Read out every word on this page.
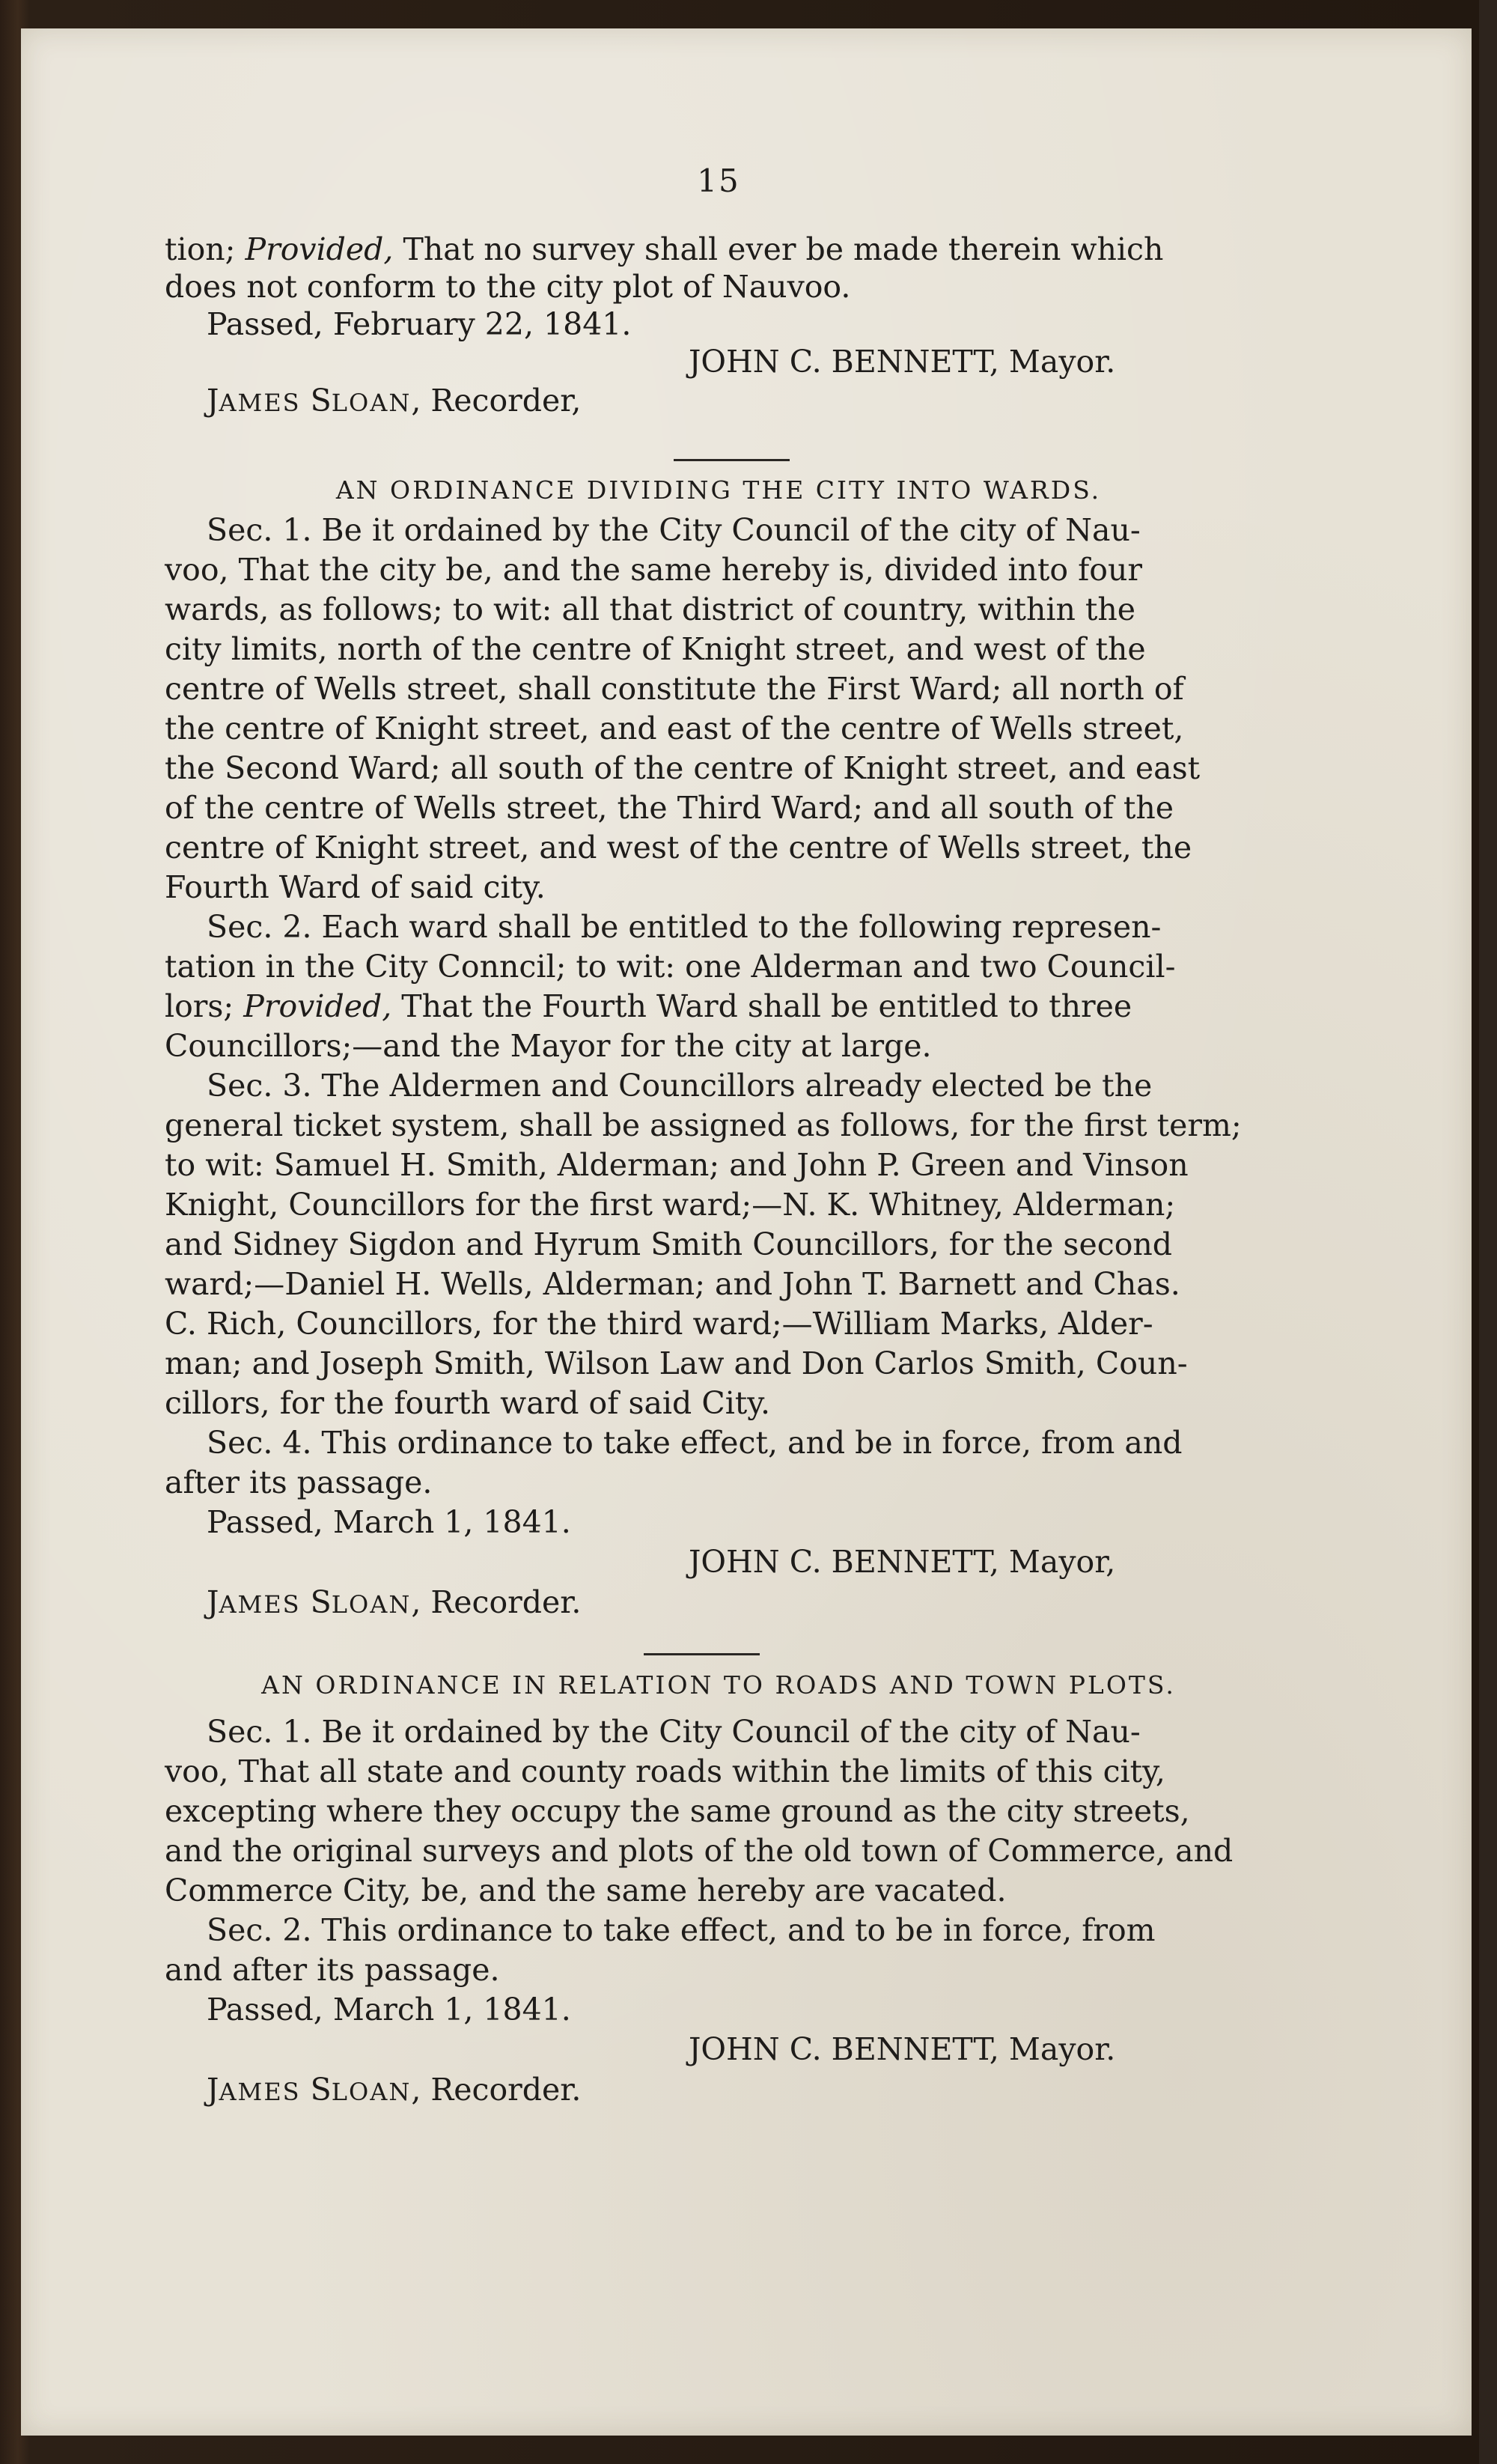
15
tion; Provided, That no survey shall ever be made therein which
does not conform to the city plot of Nauvoo.
Passed, February 22, 1841.
JOHN C. BENNETT, Mayor.
JAMES SLOAN, Recorder,
AN ORDINANCE DIVIDING THE CITY INTO WARDS.
Sec. 1. Be it ordained by the City Council of the city of Nau-
voo, That the city be, and the same hereby is, divided into four
wards, as follows; to wit: all that district of country, within the
city limits, north of the centre of Knight street, and west of the
centre of Wells street, shall constitute the First Ward; all north of
the centre of Knight street, and east of the centre of Wells street,
the Second Ward; all south of the centre of Knight street, and east
of the centre of Wells street, the Third Ward; and all south of the
centre of Knight street, and west of the centre of Wells street, the
Fourth Ward of said city.
Sec. 2. Each ward shall be entitled to the following represen-
tation in the City Conncil; to wit: one Alderman and two Council-
lors; Provided, That the Fourth Ward shall be entitled to three
Councillors;—and the Mayor for the city at large.
Sec. 3. The Aldermen and Councillors already elected be the
general ticket system, shall be assigned as follows, for the first term;
to wit: Samuel H. Smith, Alderman; and John P. Green and Vinson
Knight, Councillors for the first ward;—N. K. Whitney, Alderman;
and Sidney Sigdon and Hyrum Smith Councillors, for the second
ward;—Daniel H. Wells, Alderman; and John T. Barnett and Chas.
C. Rich, Councillors, for the third ward;—William Marks, Alder-
man; and Joseph Smith, Wilson Law and Don Carlos Smith, Coun-
cillors, for the fourth ward of said City.
Sec. 4. This ordinance to take effect, and be in force, from and
after its passage.
Passed, March 1, 1841.
JOHN C. BENNETT, Mayor,
JAMES SLOAN, Recorder.
AN ORDINANCE IN RELATION TO ROADS AND TOWN PLOTS.
Sec. 1. Be it ordained by the City Council of the city of Nau-
voo, That all state and county roads within the limits of this city,
excepting where they occupy the same ground as the city streets,
and the original surveys and plots of the old town of Commerce, and
Commerce City, be, and the same hereby are vacated.
Sec. 2. This ordinance to take effect, and to be in force, from
and after its passage.
Passed, March 1, 1841.
JOHN C. BENNETT, Mayor.
JAMES SLOAN, Recorder.
